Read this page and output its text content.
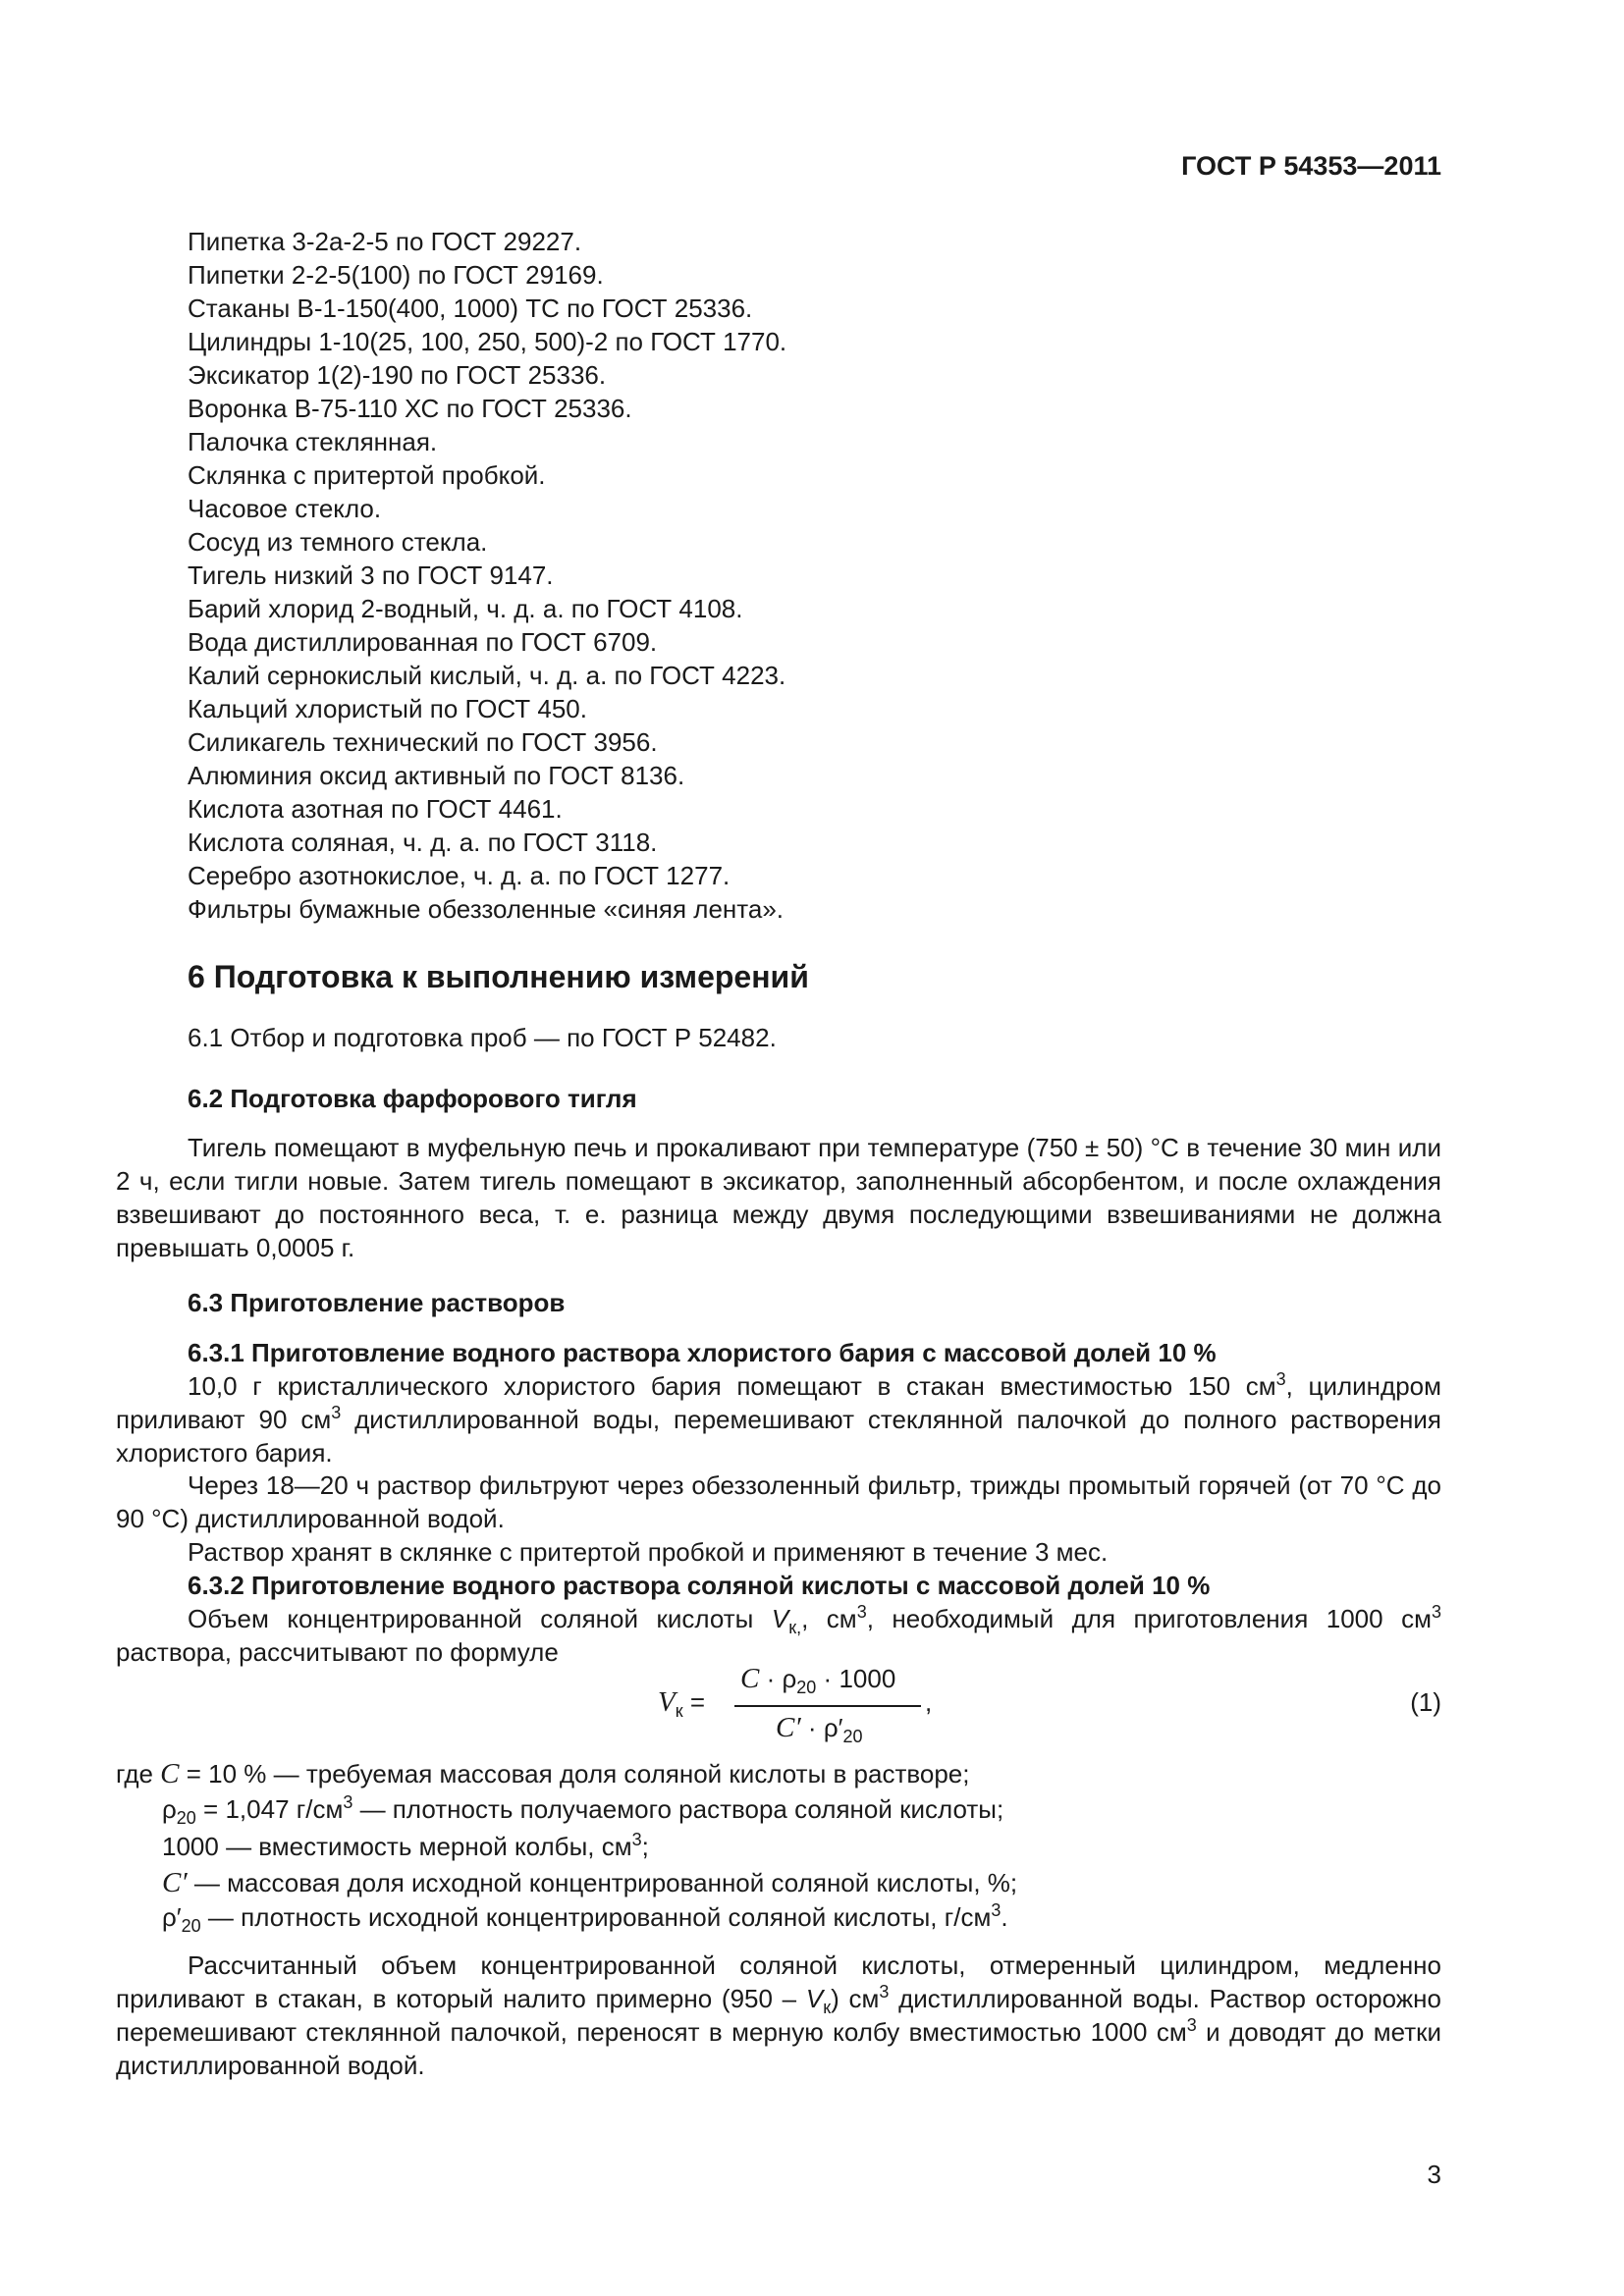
ГОСТ Р 54353—2011
Пипетка 3-2а-2-5 по ГОСТ 29227.
Пипетки 2-2-5(100) по ГОСТ 29169.
Стаканы В-1-150(400, 1000) ТС по ГОСТ 25336.
Цилиндры 1-10(25, 100, 250, 500)-2 по ГОСТ 1770.
Эксикатор 1(2)-190 по ГОСТ 25336.
Воронка В-75-110 ХС по ГОСТ 25336.
Палочка стеклянная.
Склянка с притертой пробкой.
Часовое стекло.
Сосуд из темного стекла.
Тигель низкий 3 по ГОСТ 9147.
Барий хлорид 2-водный, ч. д. а. по ГОСТ 4108.
Вода дистиллированная по ГОСТ 6709.
Калий сернокислый кислый, ч. д. а. по ГОСТ 4223.
Кальций хлористый по ГОСТ 450.
Силикагель технический по ГОСТ 3956.
Алюминия оксид активный по ГОСТ 8136.
Кислота азотная по ГОСТ 4461.
Кислота соляная, ч. д. а. по ГОСТ 3118.
Серебро азотнокислое, ч. д. а. по ГОСТ 1277.
Фильтры бумажные обеззоленные «синяя лента».
6 Подготовка к выполнению измерений
6.1 Отбор и подготовка проб — по ГОСТ Р 52482.
6.2 Подготовка фарфорового тигля
Тигель помещают в муфельную печь и прокаливают при температуре (750 ± 50) °С в течение 30 мин или 2 ч, если тигли новые. Затем тигель помещают в эксикатор, заполненный абсорбентом, и после охлаждения взвешивают до постоянного веса, т. е. разница между двумя последующими взвешиваниями не должна превышать 0,0005 г.
6.3 Приготовление растворов
6.3.1 Приготовление водного раствора хлористого бария с массовой долей 10 %
10,0 г кристаллического хлористого бария помещают в стакан вместимостью 150 $см^3$, цилиндром приливают 90 $см^3$ дистиллированной воды, перемешивают стеклянной палочкой до полного растворения хлористого бария.
Через 18—20 ч раствор фильтруют через обеззоленный фильтр, трижды промытый горячей (от 70 °С до 90 °С) дистиллированной водой.
Раствор хранят в склянке с притертой пробкой и применяют в течение 3 мес.
6.3.2 Приготовление водного раствора соляной кислоты с массовой долей 10 %
Объем концентрированной соляной кислоты $V_{к,}$, $см^3$, необходимый для приготовления 1000 $см^3$ раствора, рассчитывают по формуле
$V_к$ =
$C \cdot \rho_{20} \cdot 1000$
$C' \cdot \rho'_{20}$
,	(1)
где C = 10 % — требуемая массовая доля соляной кислоты в растворе;
$\rho_{20} = 1,047$ $г/см^3$ — плотность получаемого раствора соляной кислоты;
1000 — вместимость мерной колбы, $см^3$;
C′ — массовая доля исходной концентрированной соляной кислоты, %;
$\rho'_{20}$ — плотность исходной концентрированной соляной кислоты, $г/см^3$.
Рассчитанный объем концентрированной соляной кислоты, отмеренный цилиндром, медленно приливают в стакан, в который налито примерно $(950 - V_к)$ $см^3$ дистиллированной воды. Раствор осторожно перемешивают стеклянной палочкой, переносят в мерную колбу вместимостью 1000 $см^3$ и доводят до метки дистиллированной водой.
3
